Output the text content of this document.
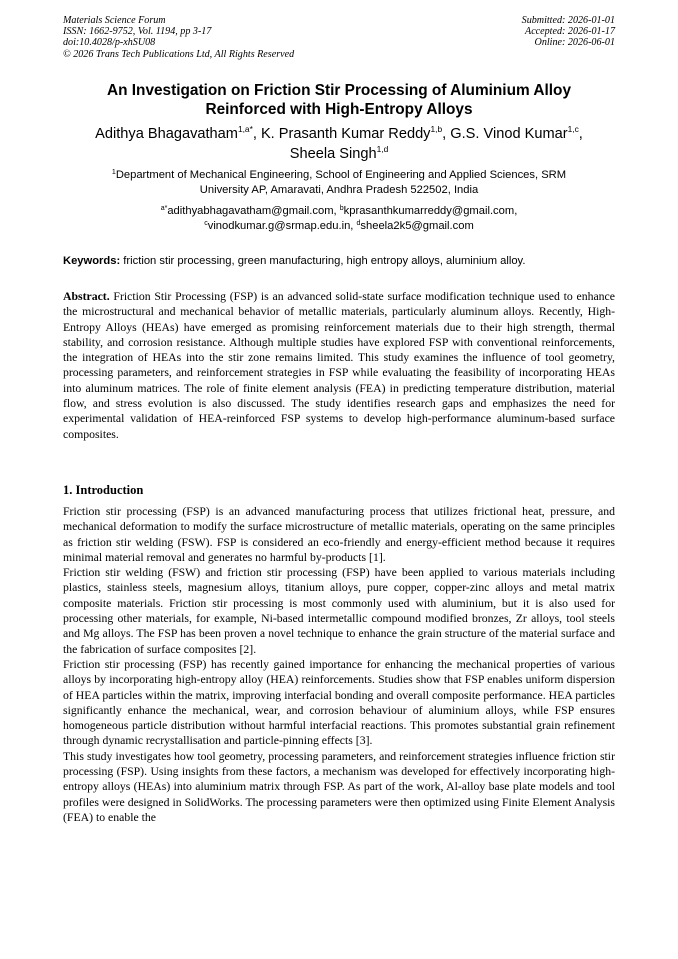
Materials Science Forum
ISSN: 1662-9752, Vol. 1194, pp 3-17
doi:10.4028/p-xhSU08
© 2026 Trans Tech Publications Ltd, All Rights Reserved
Submitted: 2026-01-01
Accepted: 2026-01-17
Online: 2026-06-01
An Investigation on Friction Stir Processing of Aluminium Alloy
Reinforced with High-Entropy Alloys
Adithya Bhagavatham$^{1,a*}$, K. Prasanth Kumar Reddy$^{1,b}$, G.S. Vinod Kumar$^{1,c}$,
Sheela Singh$^{1,d}$
$^1$Department of Mechanical Engineering, School of Engineering and Applied Sciences, SRM
University AP, Amaravati, Andhra Pradesh 522502, India
$^{a*}$adithyabhagavatham@gmail.com, $^b$kprasanthkumarreddy@gmail.com,
$^c$vinodkumar.g@srmap.edu.in, $^d$sheela2k5@gmail.com
Keywords: friction stir processing, green manufacturing, high entropy alloys, aluminium alloy.
Abstract. Friction Stir Processing (FSP) is an advanced solid-state surface modification technique used to enhance the microstructural and mechanical behavior of metallic materials, particularly aluminum alloys. Recently, High-Entropy Alloys (HEAs) have emerged as promising reinforcement materials due to their high strength, thermal stability, and corrosion resistance. Although multiple studies have explored FSP with conventional reinforcements, the integration of HEAs into the stir zone remains limited. This study examines the influence of tool geometry, processing parameters, and reinforcement strategies in FSP while evaluating the feasibility of incorporating HEAs into aluminum matrices. The role of finite element analysis (FEA) in predicting temperature distribution, material flow, and stress evolution is also discussed. The study identifies research gaps and emphasizes the need for experimental validation of HEA-reinforced FSP systems to develop high-performance aluminum-based surface composites.
1. Introduction

Friction stir processing (FSP) is an advanced manufacturing process that utilizes frictional heat, pressure, and mechanical deformation to modify the surface microstructure of metallic materials, operating on the same principles as friction stir welding (FSW). FSP is considered an eco-friendly and energy-efficient method because it requires minimal material removal and generates no harmful by-products [1].

Friction stir welding (FSW) and friction stir processing (FSP) have been applied to various materials including plastics, stainless steels, magnesium alloys, titanium alloys, pure copper, copper-zinc alloys and metal matrix composite materials. Friction stir processing is most commonly used with aluminium, but it is also used for processing other materials, for example, Ni-based intermetallic compound modified bronzes, Zr alloys, tool steels and Mg alloys. The FSP has been proven a novel technique to enhance the grain structure of the material surface and the fabrication of surface composites [2].

Friction stir processing (FSP) has recently gained importance for enhancing the mechanical properties of various alloys by incorporating high-entropy alloy (HEA) reinforcements. Studies show that FSP enables uniform dispersion of HEA particles within the matrix, improving interfacial bonding and overall composite performance. HEA particles significantly enhance the mechanical, wear, and corrosion behaviour of aluminium alloys, while FSP ensures homogeneous particle distribution without harmful interfacial reactions. This promotes substantial grain refinement through dynamic recrystallisation and particle-pinning effects [3].

This study investigates how tool geometry, processing parameters, and reinforcement strategies influence friction stir processing (FSP). Using insights from these factors, a mechanism was developed for effectively incorporating high-entropy alloys (HEAs) into aluminium matrix through FSP. As part of the work, Al-alloy base plate models and tool profiles were designed in SolidWorks. The processing parameters were then optimized using Finite Element Analysis (FEA) to enable the
